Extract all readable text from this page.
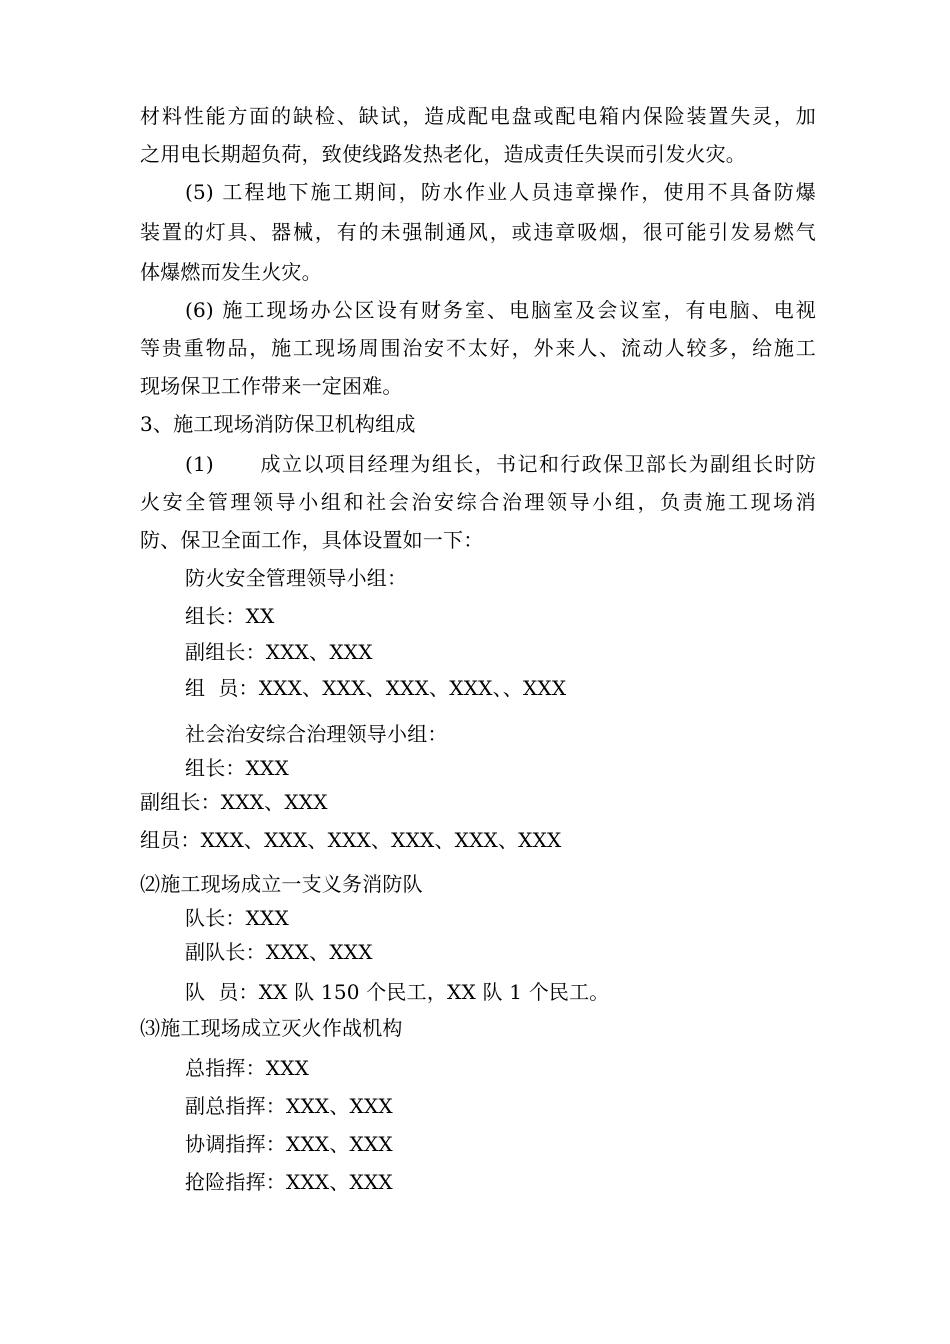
材料性能方面的缺检、缺试，造成配电盘或配电箱内保险装置失灵，加
之用电长期超负荷，致使线路发热老化，造成责任失误而引发火灾。
(5) 工程地下施工期间，防水作业人员违章操作，使用不具备防爆
装置的灯具、器械，有的未强制通风，或违章吸烟，很可能引发易燃气
体爆燃而发生火灾。
(6) 施工现场办公区设有财务室、电脑室及会议室，有电脑、电视
等贵重物品，施工现场周围治安不太好，外来人、流动人较多，给施工
现场保卫工作带来一定困难。
3、施工现场消防保卫机构组成
(1)      成立以项目经理为组长，书记和行政保卫部长为副组长时防
火安全管理领导小组和社会治安综合治理领导小组，负责施工现场消
防、保卫全面工作，具体设置如一下：
防火安全管理领导小组：
组长：XX
副组长：XXX、XXX
组  员：XXX、XXX、XXX、XXX、、XXX
社会治安综合治理领导小组：
组长：XXX
副组长：XXX、XXX
组员：XXX、XXX、XXX、XXX、XXX、XXX
⑵施工现场成立一支义务消防队
队长：XXX
副队长：XXX、XXX
队  员：XX 队 150 个民工，XX 队 1 个民工。
⑶施工现场成立灭火作战机构
总指挥：XXX
副总指挥：XXX、XXX
协调指挥：XXX、XXX
抢险指挥：XXX、XXX
